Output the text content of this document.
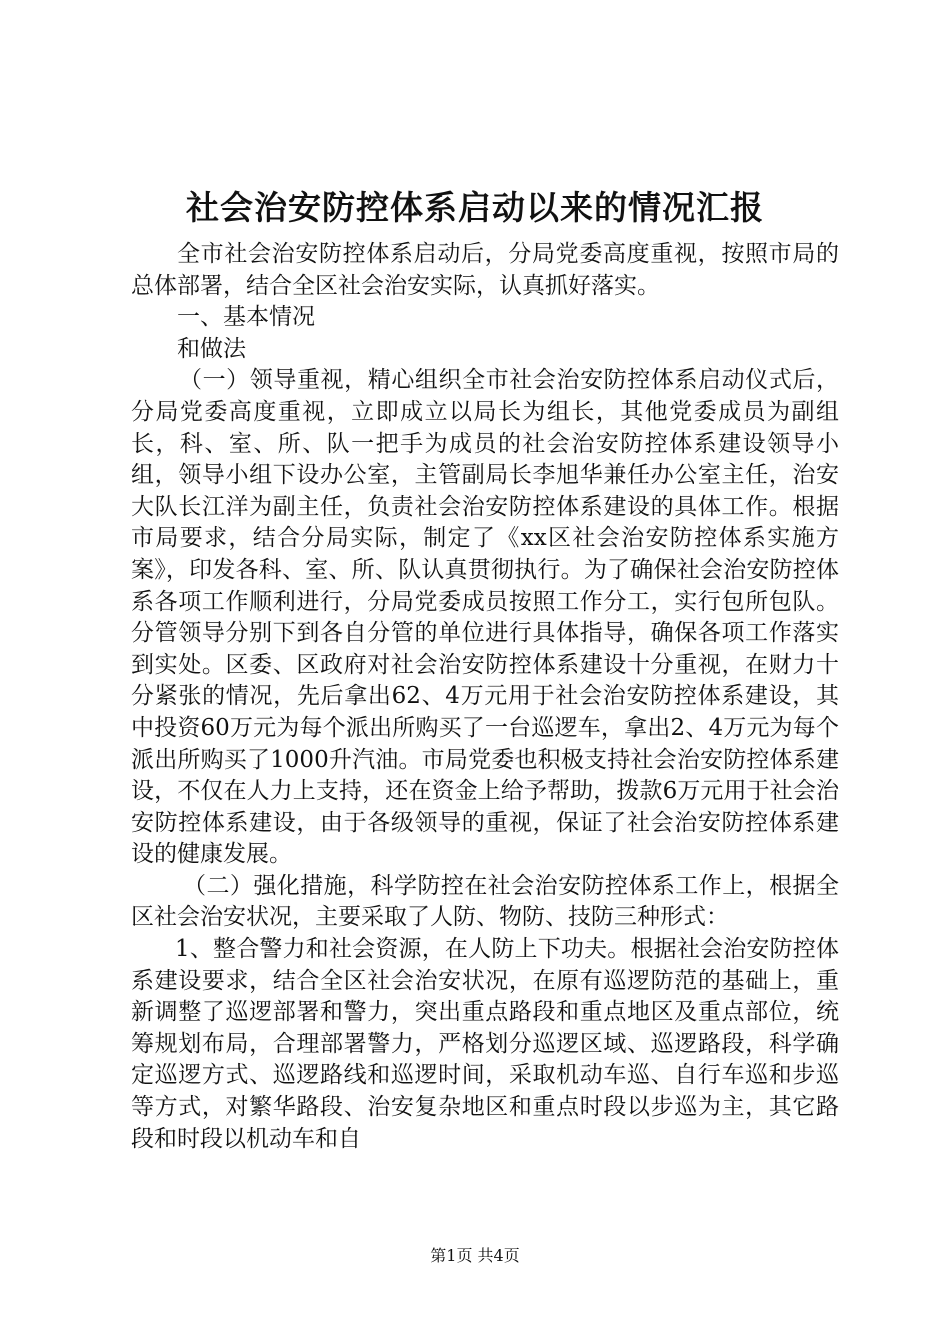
社会治安防控体系启动以来的情况汇报

全市社会治安防控体系启动后，分局党委高度重视，按照市局的总体部署，结合全区社会治安实际，认真抓好落实。

一、基本情况

和做法

（一）领导重视，精心组织全市社会治安防控体系启动仪式后，分局党委高度重视，立即成立以局长为组长，其他党委成员为副组长，科、室、所、队一把手为成员的社会治安防控体系建设领导小组，领导小组下设办公室，主管副局长李旭华兼任办公室主任，治安大队长江洋为副主任，负责社会治安防控体系建设的具体工作。根据市局要求，结合分局实际，制定了《xx区社会治安防控体系实施方案》，印发各科、室、所、队认真贯彻执行。为了确保社会治安防控体系各项工作顺利进行，分局党委成员按照工作分工，实行包所包队。分管领导分别下到各自分管的单位进行具体指导，确保各项工作落实到实处。区委、区政府对社会治安防控体系建设十分重视，在财力十分紧张的情况，先后拿出62、4万元用于社会治安防控体系建设，其中投资60万元为每个派出所购买了一台巡逻车，拿出2、4万元为每个派出所购买了1000升汽油。市局党委也积极支持社会治安防控体系建设，不仅在人力上支持，还在资金上给予帮助，拨款6万元用于社会治安防控体系建设，由于各级领导的重视，保证了社会治安防控体系建设的健康发展。

（二）强化措施，科学防控在社会治安防控体系工作上，根据全区社会治安状况，主要采取了人防、物防、技防三种形式：

1、整合警力和社会资源，在人防上下功夫。根据社会治安防控体系建设要求，结合全区社会治安状况，在原有巡逻防范的基础上，重新调整了巡逻部署和警力，突出重点路段和重点地区及重点部位，统筹规划布局，合理部署警力，严格划分巡逻区域、巡逻路段，科学确定巡逻方式、巡逻路线和巡逻时间，采取机动车巡、自行车巡和步巡等方式，对繁华路段、治安复杂地区和重点时段以步巡为主，其它路段和时段以机动车和自

第1页 共4页
